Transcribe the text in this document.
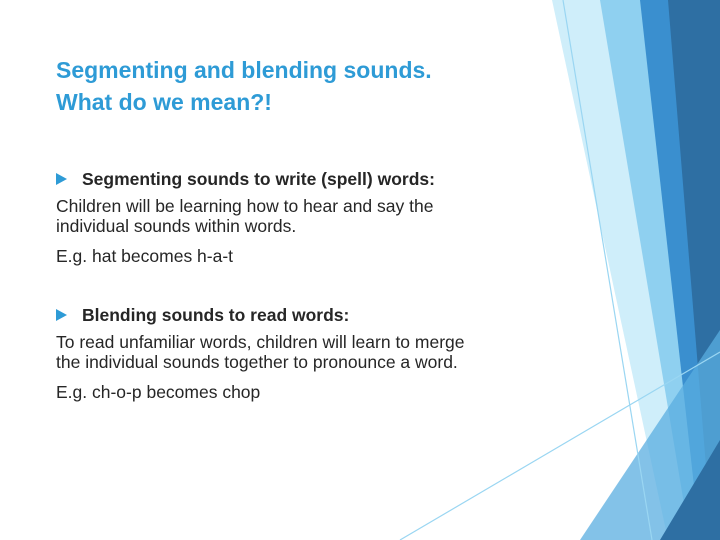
Segmenting and blending sounds.
What do we mean?!

Segmenting sounds to write (spell) words:

Children will be learning how to hear and say the

individual sounds within words.

E.g. hat becomes h-a-t

Blending sounds to read words:

To read unfamiliar words, children will learn to merge

the individual sounds together to pronounce a word.

E.g. ch-o-p becomes chop
